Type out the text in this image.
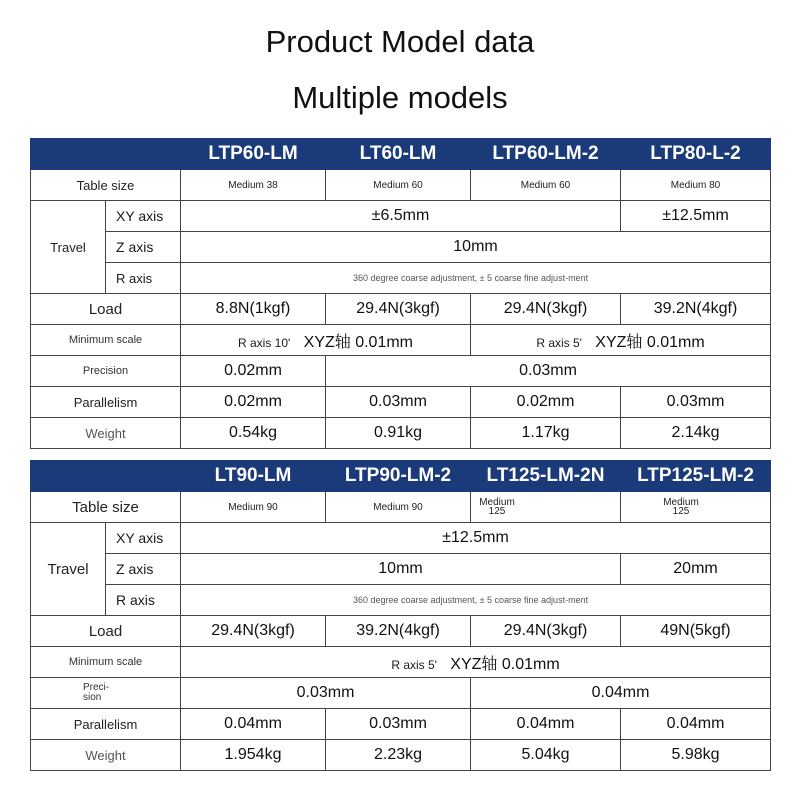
Product Model data
Multiple models
		LTP60-LM	LT60-LM	LTP60-LM-2	LTP80-L-2
Table size		Medium 38	Medium 60	Medium 60	Medium 80
Travel	XY axis	±6.5mm			±12.5mm
	Z axis	10mm			
	R axis	360 degree coarse adjustment, ± 5 coarse fine adjust-ment			

Load		8.8N(1kgf)	29.4N(3kgf)	29.4N(3kgf)	39.2N(4kgf)
Minimum scale		R axis 10' XYZ轴 0.01mm		R axis 5' XYZ轴 0.01mm	
Precision		0.02mm	0.03mm		
Parallelism		0.02mm	0.03mm	0.02mm	0.03mm
Weight		0.54kg	0.91kg	1.17kg	2.14kg
		LT90-LM	LTP90-LM-2	LT125-LM-2N	LTP125-LM-2
Table size		Medium 90	Medium 90	Medium 125	Medium 125

Travel	XY axis	±12.5mm			
	Z axis	10mm			20mm
	R axis	360 degree coarse adjustment, ± 5 coarse fine adjust-ment			

Load		29.4N(3kgf)	39.2N(4kgf)	29.4N(3kgf)	49N(5kgf)
Minimum scale		R axis 5' XYZ轴 0.01mm			

Preci-sion		0.03mm		0.04mm	
Parallelism		0.04mm	0.03mm	0.04mm	0.04mm
Weight		1.954kg	2.23kg	5.04kg	5.98kg
